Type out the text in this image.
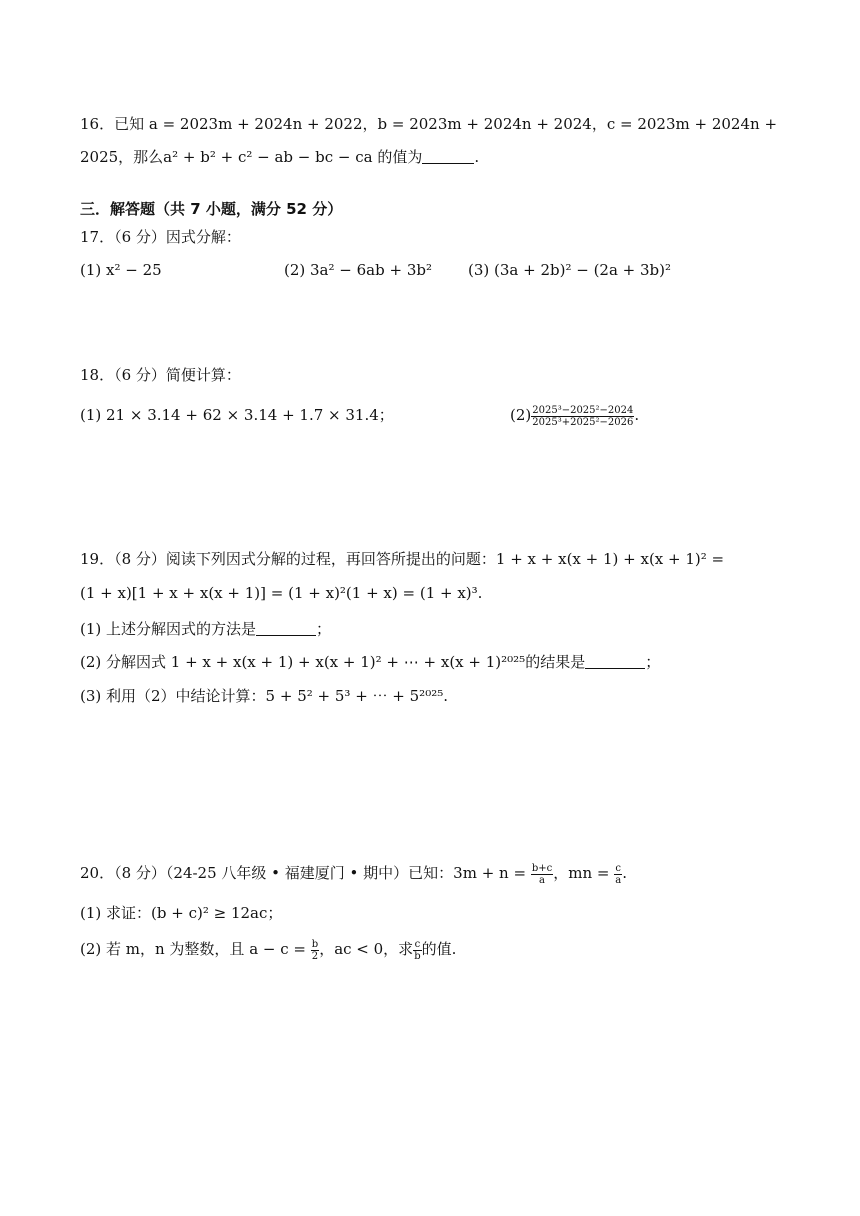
16．已知 a = 2023m + 2024n + 2022，b = 2023m + 2024n + 2024，c = 2023m + 2024n +
2025，那么a² + b² + c² − ab − bc − ca 的值为	.
三．解答题（共 7 小题，满分 52 分）
17．（6 分）因式分解：
(1) x² − 25	(2) 3a² − 6ab + 3b²	(3) (3a + 2b)² − (2a + 3b)²
18．（6 分）简便计算：
(1) 21 × 3.14 + 62 × 3.14 + 1.7 × 31.4；	$(2) \frac{\text{2025³−2025²−2024}}{\text{2025³+2025²−2026}}$ .
19．（8 分）阅读下列因式分解的过程，再回答所提出的问题：1 + x + x(x + 1) + x(x + 1)² =
(1 + x)[1 + x + x(x + 1)] = (1 + x)²(1 + x) = (1 + x)³.
(1) 上述分解因式的方法是	；
(2) 分解因式 1 + x + x(x + 1) + x(x + 1)² + ⋯ + x(x + 1)²⁰²⁵的结果是	；
(3) 利用（2）中结论计算：5 + 5² + 5³ + ⋯ + 5²⁰²⁵.
20．（8 分）（24-25 八年级 • 福建厦门 • 期中）已知：$3m + n = \frac{b+c}{a}$ ，mn = $\frac{c}{a}$ .
(1) 求证：(b + c)² ≥ 12ac；
(2) 若 m，n 为整数，且 $a - c = \frac{b}{2}$ ，ac < 0，求 $\frac{c}{b}$ 的值.
